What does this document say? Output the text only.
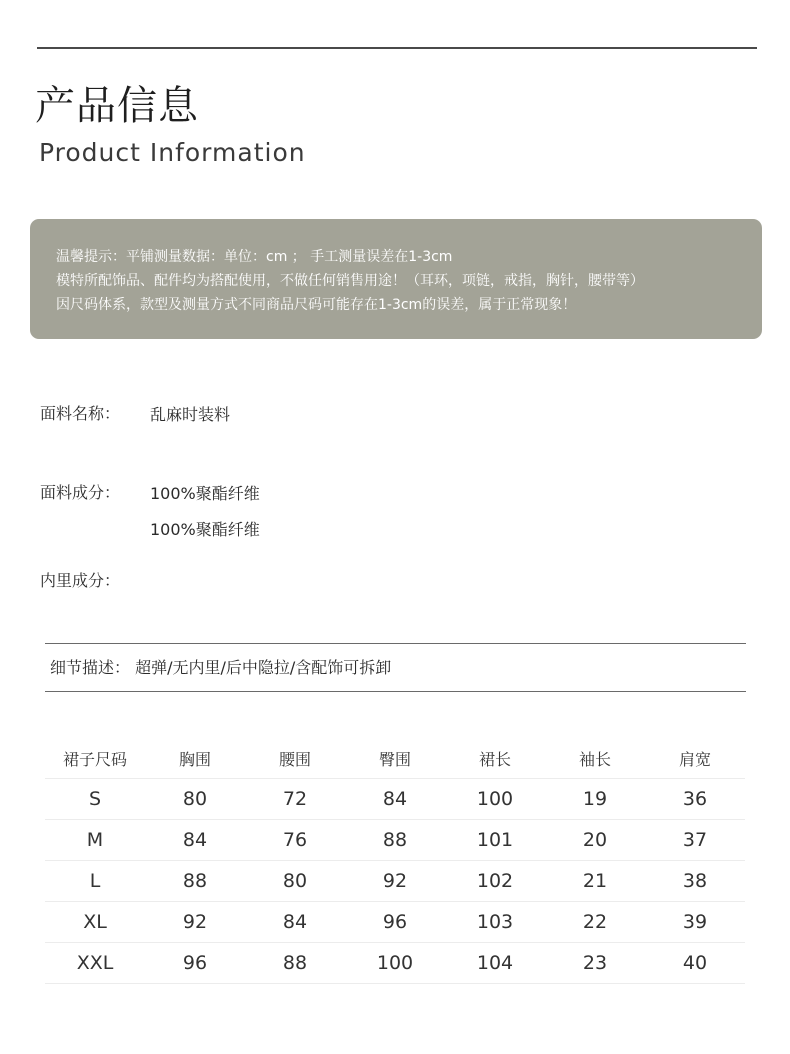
产品信息
Product Information
温馨提示：平铺测量数据：单位：cm ； 手工测量误差在1-3cm
模特所配饰品、配件均为搭配使用，不做任何销售用途！（耳环，项链，戒指，胸针，腰带等）
因尺码体系，款型及测量方式不同商品尺码可能存在1-3cm的误差，属于正常现象！
面料名称： 乱麻时装料
面料成分： 100%聚酯纤维
100%聚酯纤维
内里成分：
细节描述： 超弹/无内里/后中隐拉/含配饰可拆卸
裙子尺码	胸围	腰围	臀围	裙长	袖长	肩宽
S	80	72	84	100	19	36
M	84	76	88	101	20	37
L	88	80	92	102	21	38
XL	92	84	96	103	22	39
XXL	96	88	100	104	23	40
